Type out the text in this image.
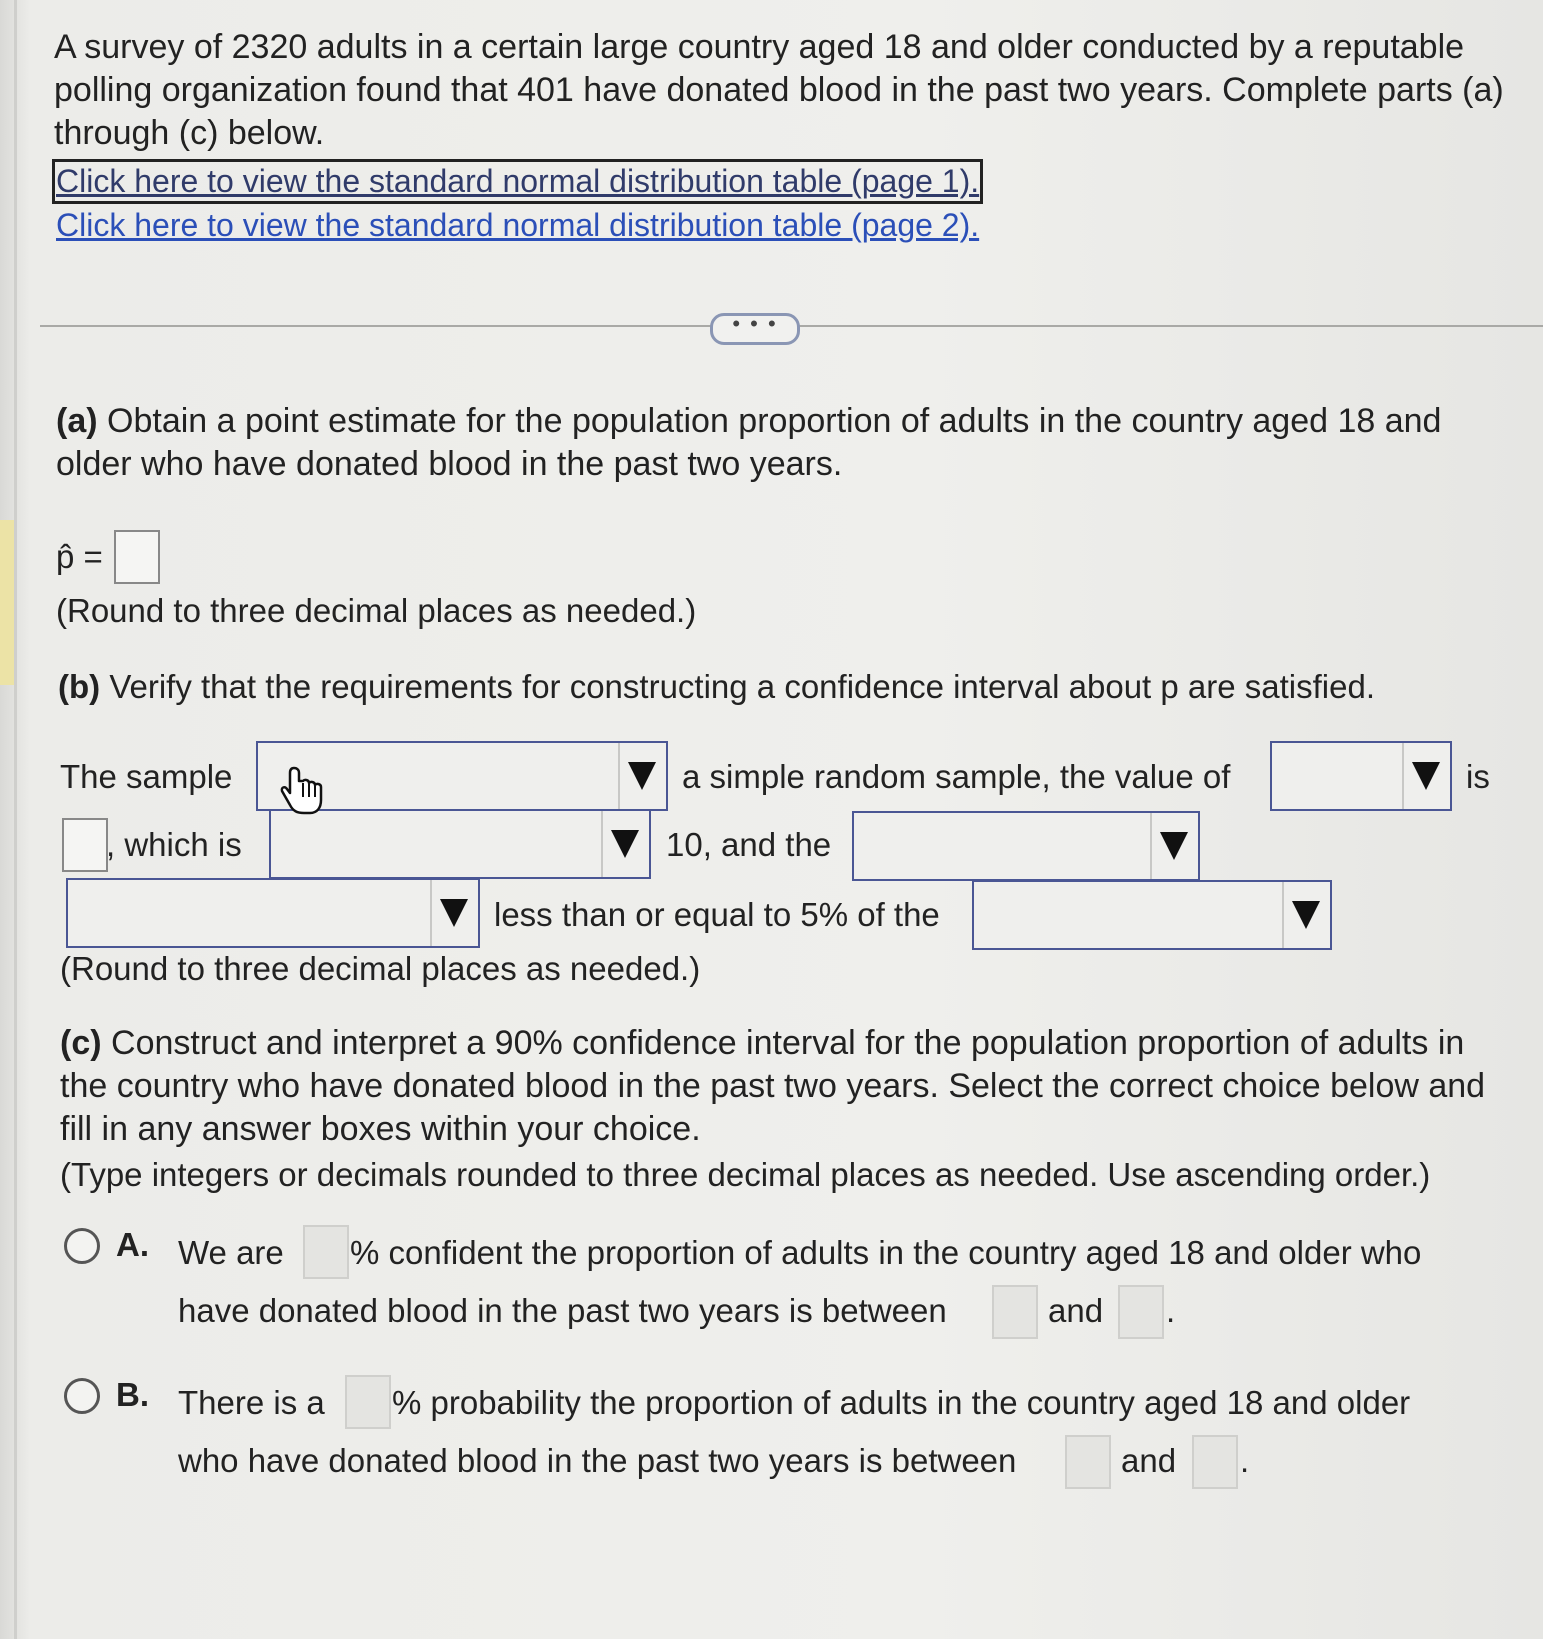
A survey of 2320 adults in a certain large country aged 18 and older conducted by a reputable polling organization found that 401 have donated blood in the past two years. Complete parts (a) through (c) below.

Click here to view the standard normal distribution table (page 1).
Click here to view the standard normal distribution table (page 2).
• • •

(a) Obtain a point estimate for the population proportion of adults in the country aged 18 and older who have donated blood in the past two years.

p̂ =
(Round to three decimal places as needed.)
(b) Verify that the requirements for constructing a confidence interval about p are satisfied.
The sample	a simple random sample, the value of	is
, which is	10, and the
less than or equal to 5% of the
(Round to three decimal places as needed.)

(c) Construct and interpret a 90% confidence interval for the population proportion of adults in the country who have donated blood in the past two years. Select the correct choice below and fill in any answer boxes within your choice.

(Type integers or decimals rounded to three decimal places as needed. Use ascending order.)
A. We are % confident the proportion of adults in the country aged 18 and older who
have donated blood in the past two years is between	and .
B. There is a % probability the proportion of adults in the country aged 18 and older
who have donated blood in the past two years is between	and .
